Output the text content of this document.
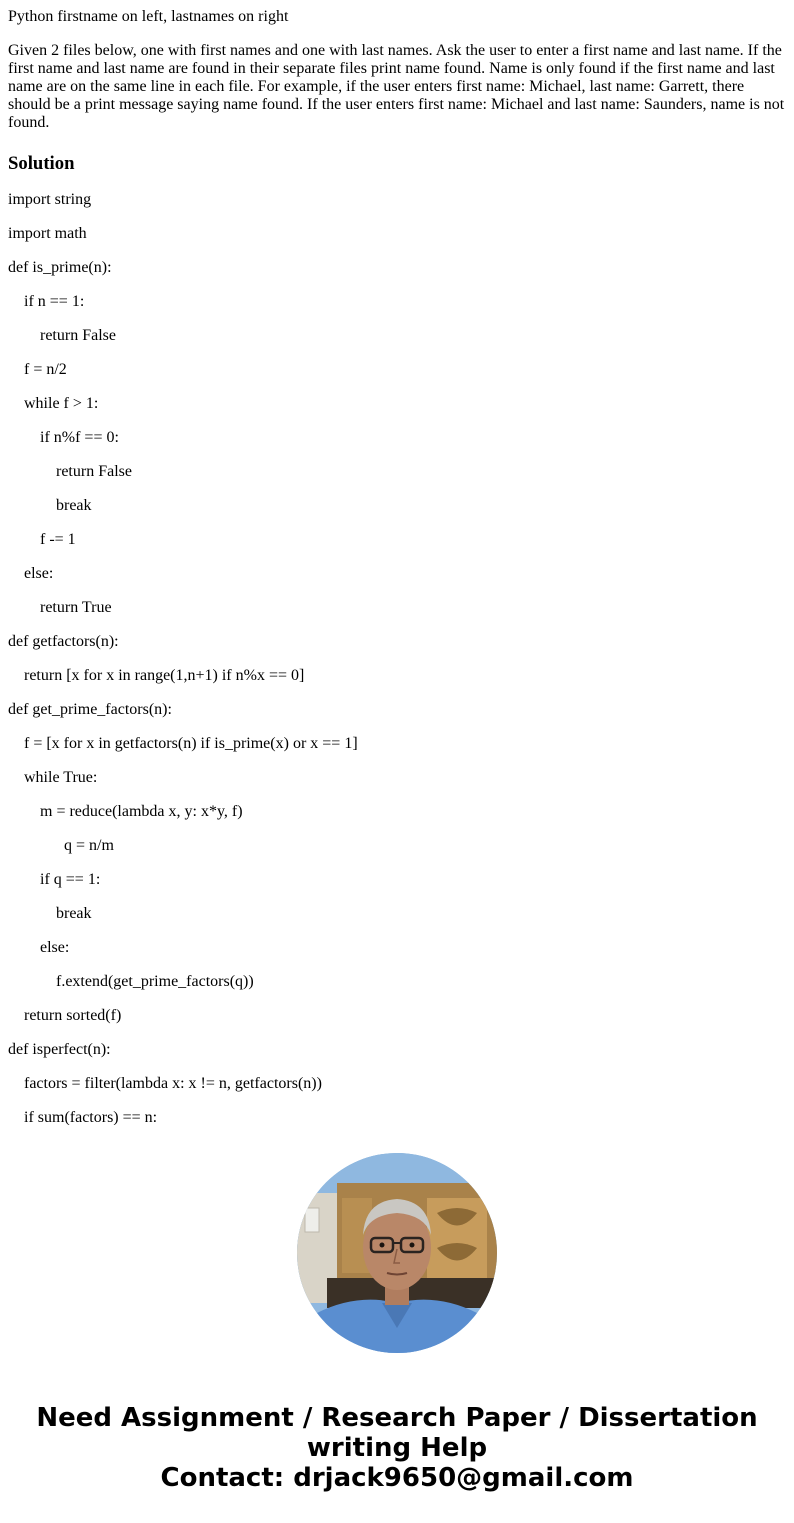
Python firstname on left, lastnames on right

Given 2 files below, one with first names and one with last names. Ask the user to enter a first name and last name. If the first name and last name are found in their separate files print name found. Name is only found if the first name and last name are on the same line in each file. For example, if the user enters first name: Michael, last name: Garrett, there should be a print message saying name found. If the user enters first name: Michael and last name: Saunders, name is not found.

Solution

import string

import math

def is_prime(n):

if n == 1:

return False

f = n/2

while f > 1:

if n%f == 0:

return False

break

f -= 1

else:

return True

def getfactors(n):

return [x for x in range(1,n+1) if n%x == 0]

def get_prime_factors(n):

f = [x for x in getfactors(n) if is_prime(x) or x == 1]

while True:

m = reduce(lambda x, y: x*y, f)

q = n/m

if q == 1:

break

else:

f.extend(get_prime_factors(q))

return sorted(f)

def isperfect(n):

factors = filter(lambda x: x != n, getfactors(n))

if sum(factors) == n:

Need Assignment / Research Paper / Dissertation
writing Help
Contact: drjack9650@gmail.com
